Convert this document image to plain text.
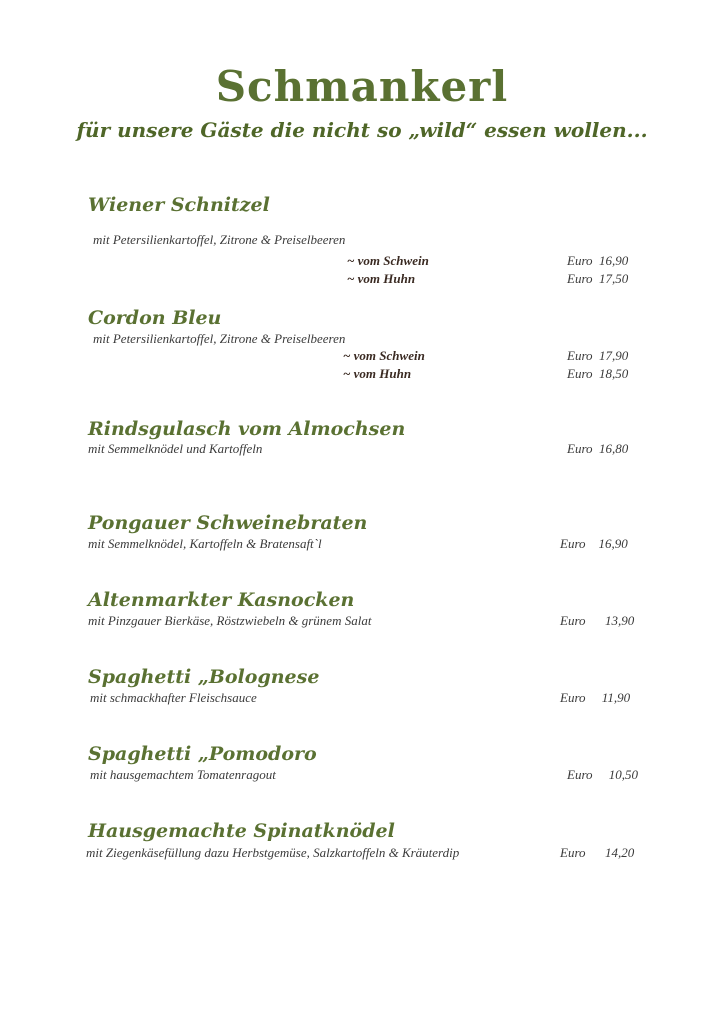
Schmankerl
für unsere Gäste die nicht so „wild“ essen wollen...
Wiener Schnitzel
mit Petersilienkartoffel, Zitrone & Preiselbeeren
~ vom Schwein	Euro 16,90
~ vom Huhn	Euro 17,50
Cordon Bleu
mit Petersilienkartoffel, Zitrone & Preiselbeeren
~ vom Schwein	Euro 17,90
~ vom Huhn	Euro 18,50
Rindsgulasch vom Almochsen
mit Semmelknödel und Kartoffeln	Euro 16,80
Pongauer Schweinebraten
mit Semmelknödel, Kartoffeln & Bratensaft`l	Euro 16,90
Altenmarkter Kasnocken
mit Pinzgauer Bierkäse, Röstzwiebeln & grünem Salat	Euro 13,90
Spaghetti „Bolognese
mit schmackhafter Fleischsauce	Euro 11,90
Spaghetti „Pomodoro
mit hausgemachtem Tomatenragout	Euro 10,50
Hausgemachte Spinatknödel
mit Ziegenkäsefüllung dazu Herbstgemüse, Salzkartoffeln & Kräuterdip	Euro 14,20
